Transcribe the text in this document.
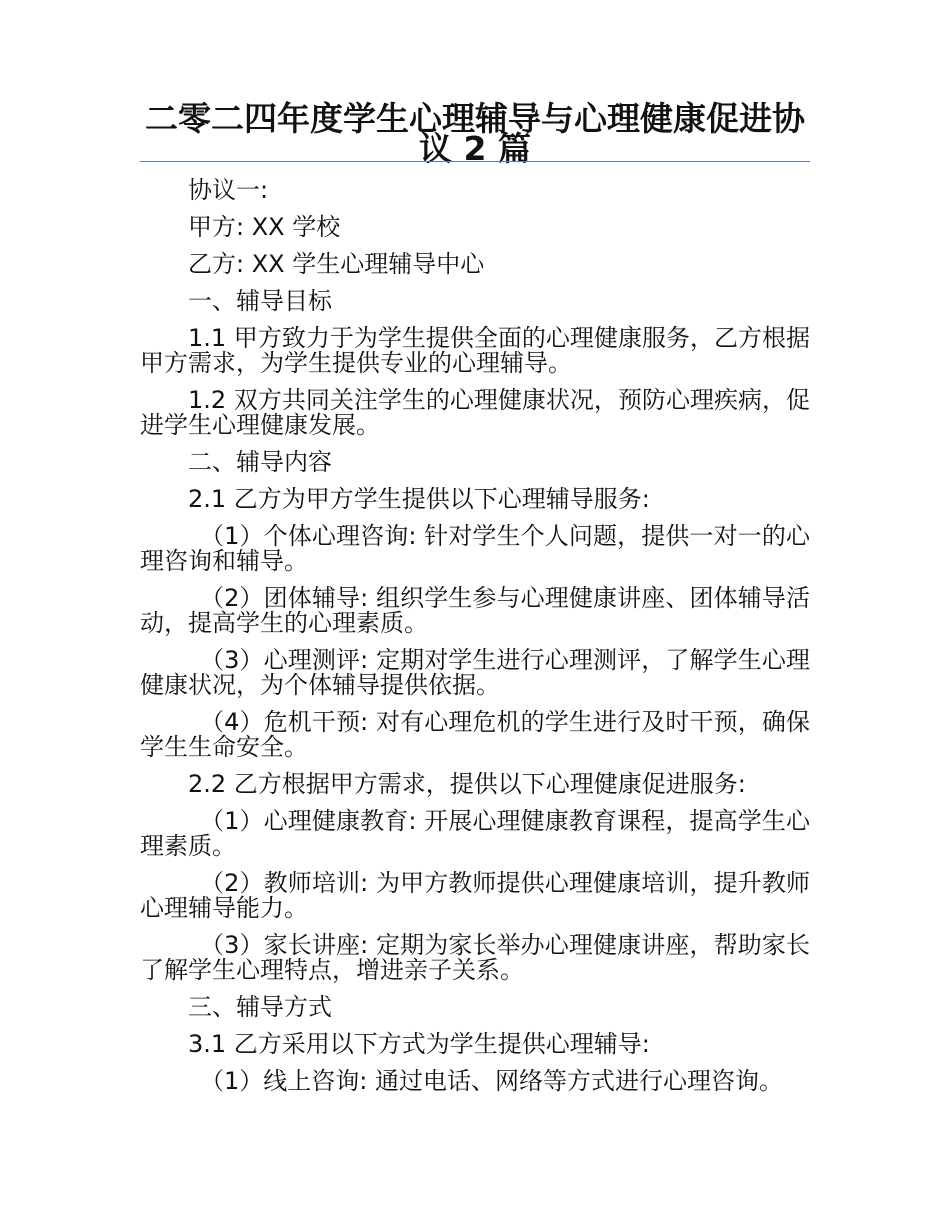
二零二四年度学生心理辅导与心理健康促进协议 2 篇

协议一:

甲方: XX 学校

乙方: XX 学生心理辅导中心

一、辅导目标

1.1 甲方致力于为学生提供全面的心理健康服务，乙方根据甲方需求，为学生提供专业的心理辅导。

1.2 双方共同关注学生的心理健康状况，预防心理疾病，促进学生心理健康发展。

二、辅导内容

2.1 乙方为甲方学生提供以下心理辅导服务:

（1）个体心理咨询: 针对学生个人问题，提供一对一的心理咨询和辅导。

（2）团体辅导: 组织学生参与心理健康讲座、团体辅导活动，提高学生的心理素质。

（3）心理测评: 定期对学生进行心理测评，了解学生心理健康状况，为个体辅导提供依据。

（4）危机干预: 对有心理危机的学生进行及时干预，确保学生生命安全。

2.2 乙方根据甲方需求，提供以下心理健康促进服务:

（1）心理健康教育: 开展心理健康教育课程，提高学生心理素质。

（2）教师培训: 为甲方教师提供心理健康培训，提升教师心理辅导能力。

（3）家长讲座: 定期为家长举办心理健康讲座，帮助家长了解学生心理特点，增进亲子关系。

三、辅导方式

3.1 乙方采用以下方式为学生提供心理辅导:

（1）线上咨询: 通过电话、网络等方式进行心理咨询。
